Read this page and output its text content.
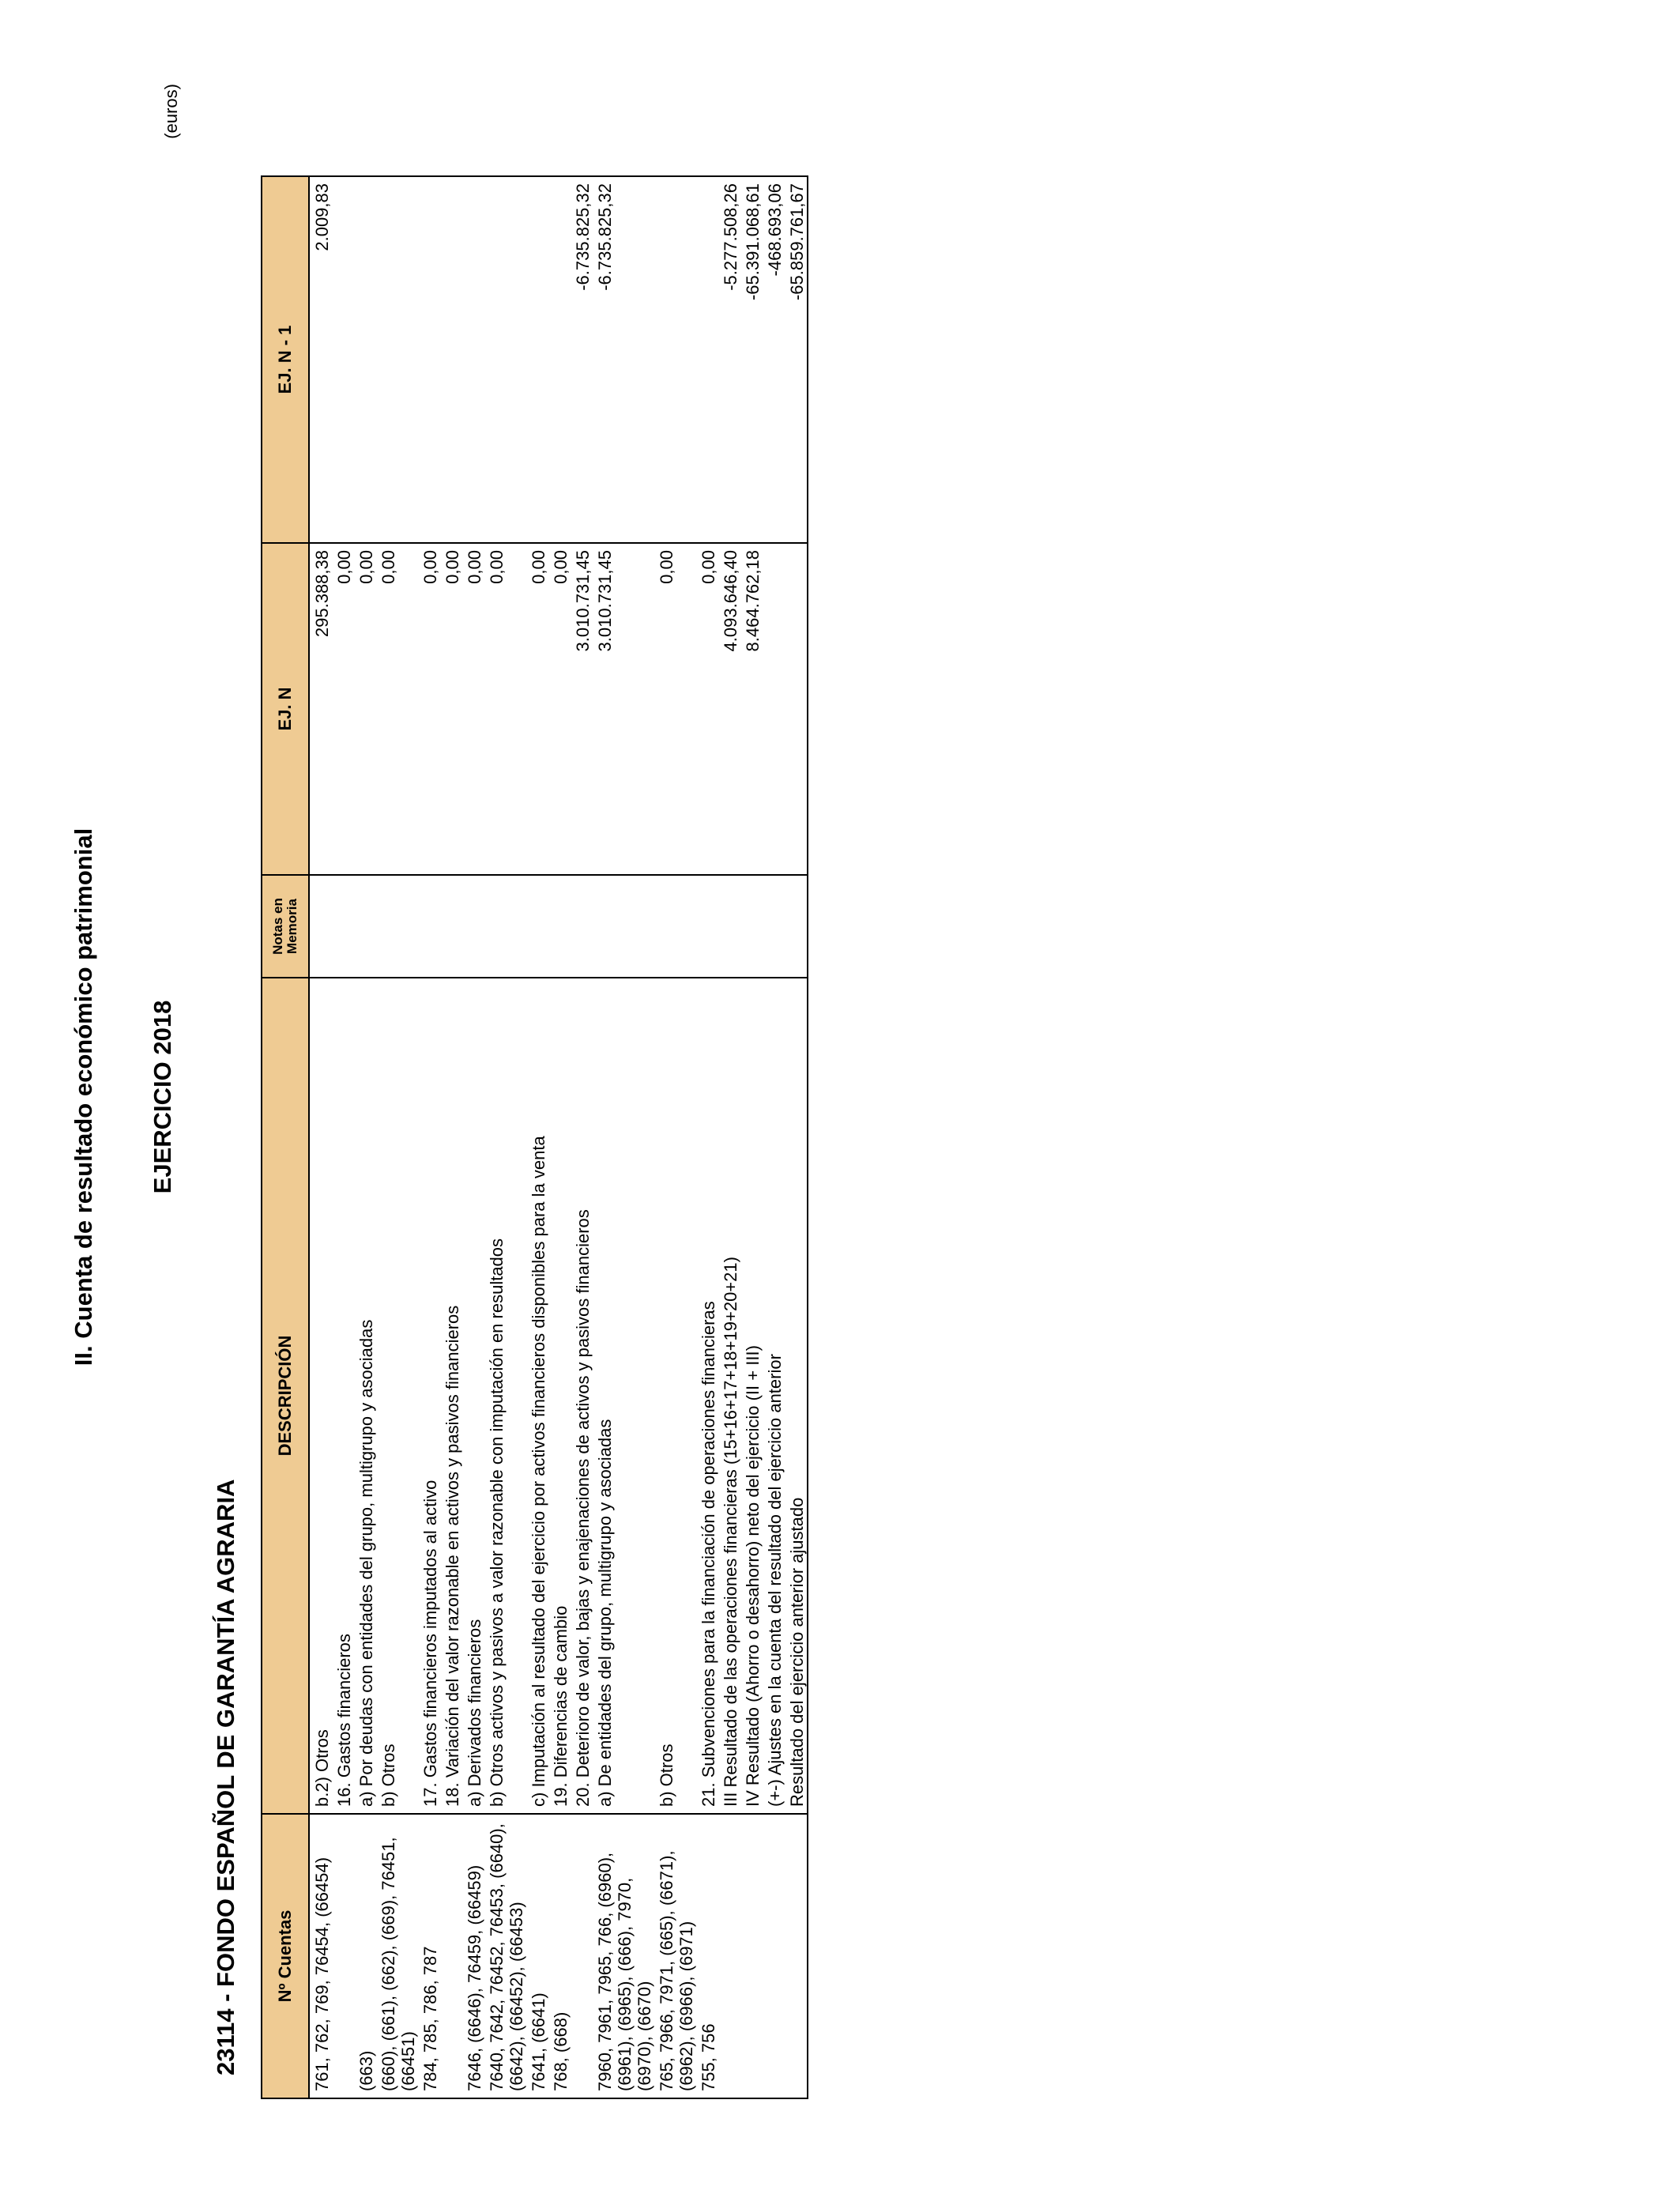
II. Cuenta de resultado económico patrimonial EJERCICIO 2018
23114 - FONDO ESPAÑOL DE GARANTÍA AGRARIA
(euros)
Nº Cuentas	DESCRIPCIÓN	Notas en Memoria	EJ. N	EJ. N - 1
761, 762, 769, 76454, (66454)	b.2) Otros		295.388,38	2.009,83
	16. Gastos financieros		0,00	
(663)	a) Por deudas con entidades del grupo, multigrupo y asociadas		0,00	
(660), (661), (662), (669), 76451, (66451)	b) Otros		0,00	
784, 785, 786, 787	17. Gastos financieros imputados al activo		0,00	
	18. Variación del valor razonable en activos y pasivos financieros		0,00	
7646, (6646), 76459, (66459)	a) Derivados financieros		0,00	
7640, 7642, 76452, 76453, (6640), (6642), (66452), (66453)	b) Otros activos y pasivos a valor razonable con imputación en resultados		0,00	
7641, (6641)	c) Imputación al resultado del ejercicio por activos financieros disponibles para la venta		0,00	
768, (668)	19. Diferencias de cambio		0,00	
	20. Deterioro de valor, bajas y enajenaciones de activos y pasivos financieros		3.010.731,45	-6.735.825,32
7960, 7961, 7965, 766, (6960), (6961), (6965), (666), 7970, (6970), (6670)	a) De entidades del grupo, multigrupo y asociadas		3.010.731,45	-6.735.825,32
765, 7966, 7971, (665), (6671), (6962), (6966), (6971)	b) Otros		0,00	
755, 756	21. Subvenciones para la financiación de operaciones financieras		0,00	
	III Resultado de las operaciones financieras (15+16+17+18+19+20+21)		4.093.646,40	-5.277.508,26
	IV Resultado (Ahorro o desahorro) neto del ejercicio (II + III)		8.464.762,18	-65.391.068,61
	(+-) Ajustes en la cuenta del resultado del ejercicio anterior			-468.693,06
	Resultado del ejercicio anterior ajustado			-65.859.761,67
